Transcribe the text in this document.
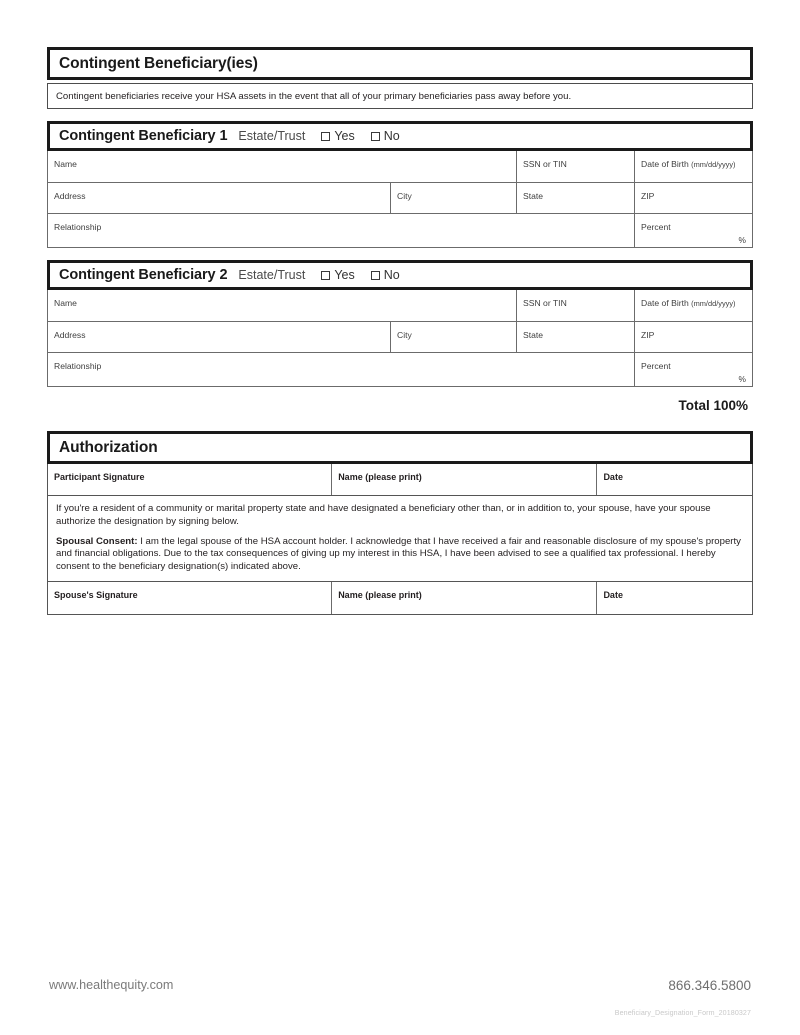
Contingent Beneficiary(ies)
Contingent beneficiaries receive your HSA assets in the event that all of your primary beneficiaries pass away before you.
Contingent Beneficiary 1 Estate/Trust Yes No
Name	SSN or TIN	Date of Birth (mm/dd/yyyy)
Address	City	State	ZIP
Relationship	Percent
%
Contingent Beneficiary 2 Estate/Trust Yes No
Name	SSN or TIN	Date of Birth (mm/dd/yyyy)
Address	City	State	ZIP
Relationship	Percent
%
Total 100%
Authorization
Participant Signature	Name (please print)	Date

If you're a resident of a community or marital property state and have designated a beneficiary other than, or in addition to, your spouse, have your spouse authorize the designation by signing below.

Spousal Consent: I am the legal spouse of the HSA account holder. I acknowledge that I have received a fair and reasonable disclosure of my spouse's property and financial obligations. Due to the tax consequences of giving up my interest in this HSA, I have been advised to see a qualified tax professional. I hereby consent to the beneficiary designation(s) indicated above.

Spouse's Signature	Name (please print)	Date
www.healthequity.com	866.346.5800
Beneficiary_Designation_Form_20180327
